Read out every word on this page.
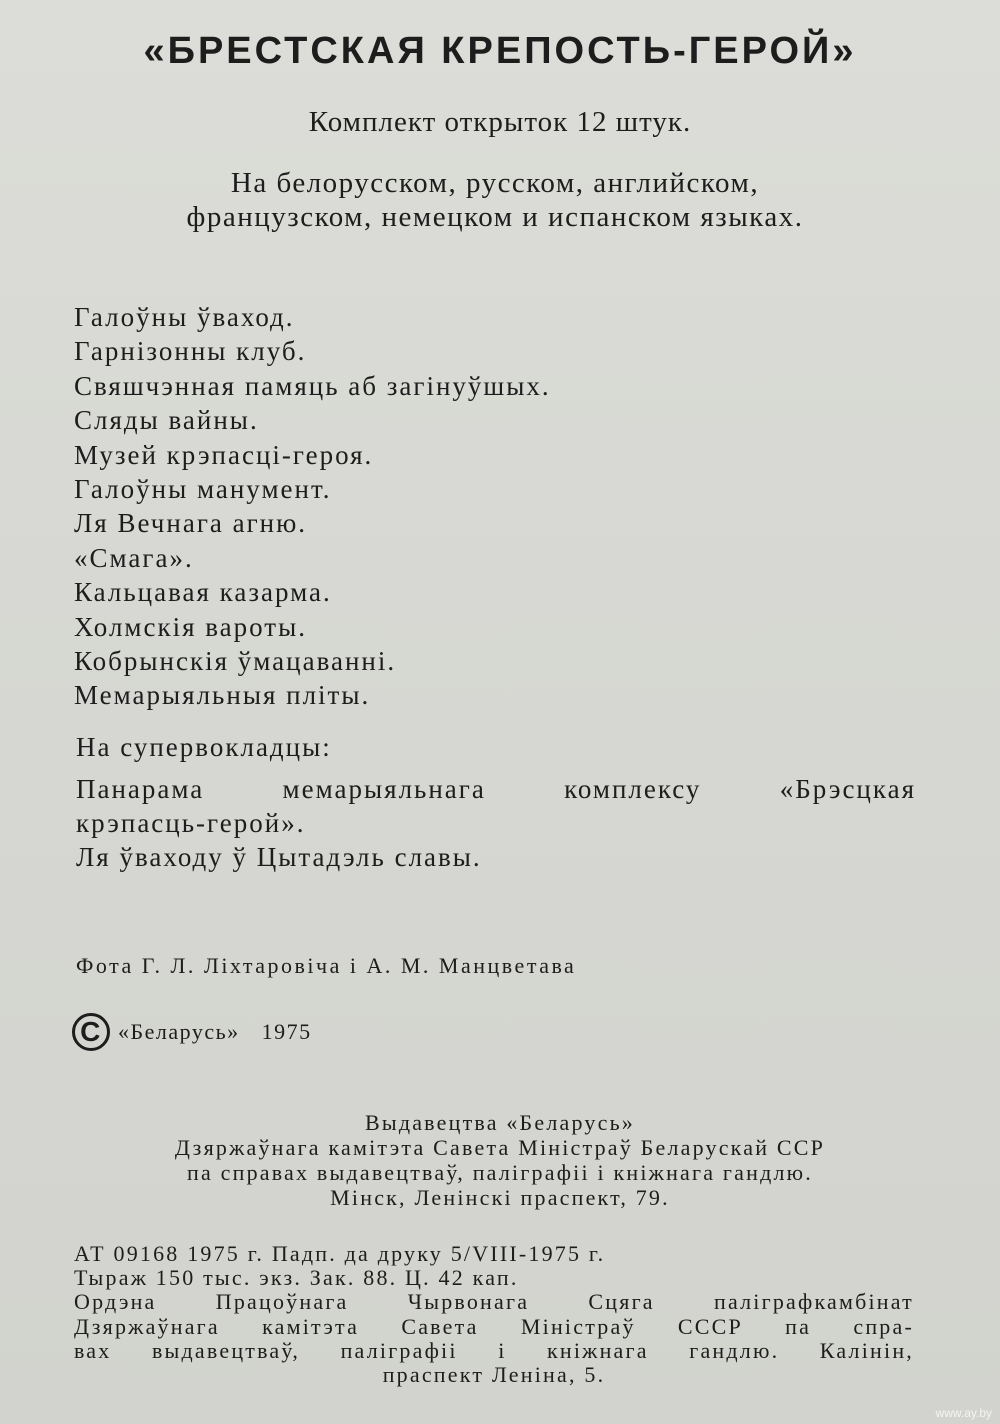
«БРЕСТСКАЯ КРЕПОСТЬ-ГЕРОЙ»

Комплект открыток 12 штук.

На белорусском, русском, английском,
французском, немецком и испанском языках.
Галоўны ўваход.
Гарнізонны клуб.
Свяшчэнная памяць аб загінуўшых.
Сляды вайны.
Музей крэпасці-героя.
Галоўны манумент.
Ля Вечнага агню.
«Смага».
Кальцавая казарма.
Холмскія вароты.
Кобрынскія ўмацаванні.
Мемарыяльныя пліты.
На супервокладцы:
Панарама мемарыяльнага комплексу «Брэсцкая
крэпасць-герой».
Ля ўваходу ў Цытадэль славы.
Фота Г. Л. Ліхтаровіча і А. М. Манцветава
C «Беларусь» 1975
Выдавецтва «Беларусь»
Дзяржаўнага камітэта Савета Міністраў Беларускай ССР
па справах выдавецтваў, паліграфіі і кніжнага гандлю.
Мінск, Ленінскі праспект, 79.
АТ 09168 1975 г. Падп. да друку 5/VIII-1975 г.
Тыраж 150 тыс. экз. Зак. 88. Ц. 42 кап.
Ордэна Працоўнага Чырвонага Сцяга паліграфкамбінат
Дзяржаўнага камітэта Савета Міністраў СССР па спра-
вах выдавецтваў, паліграфіі і кніжнага гандлю. Калінін,
праспект Леніна, 5.
www.ay.by
